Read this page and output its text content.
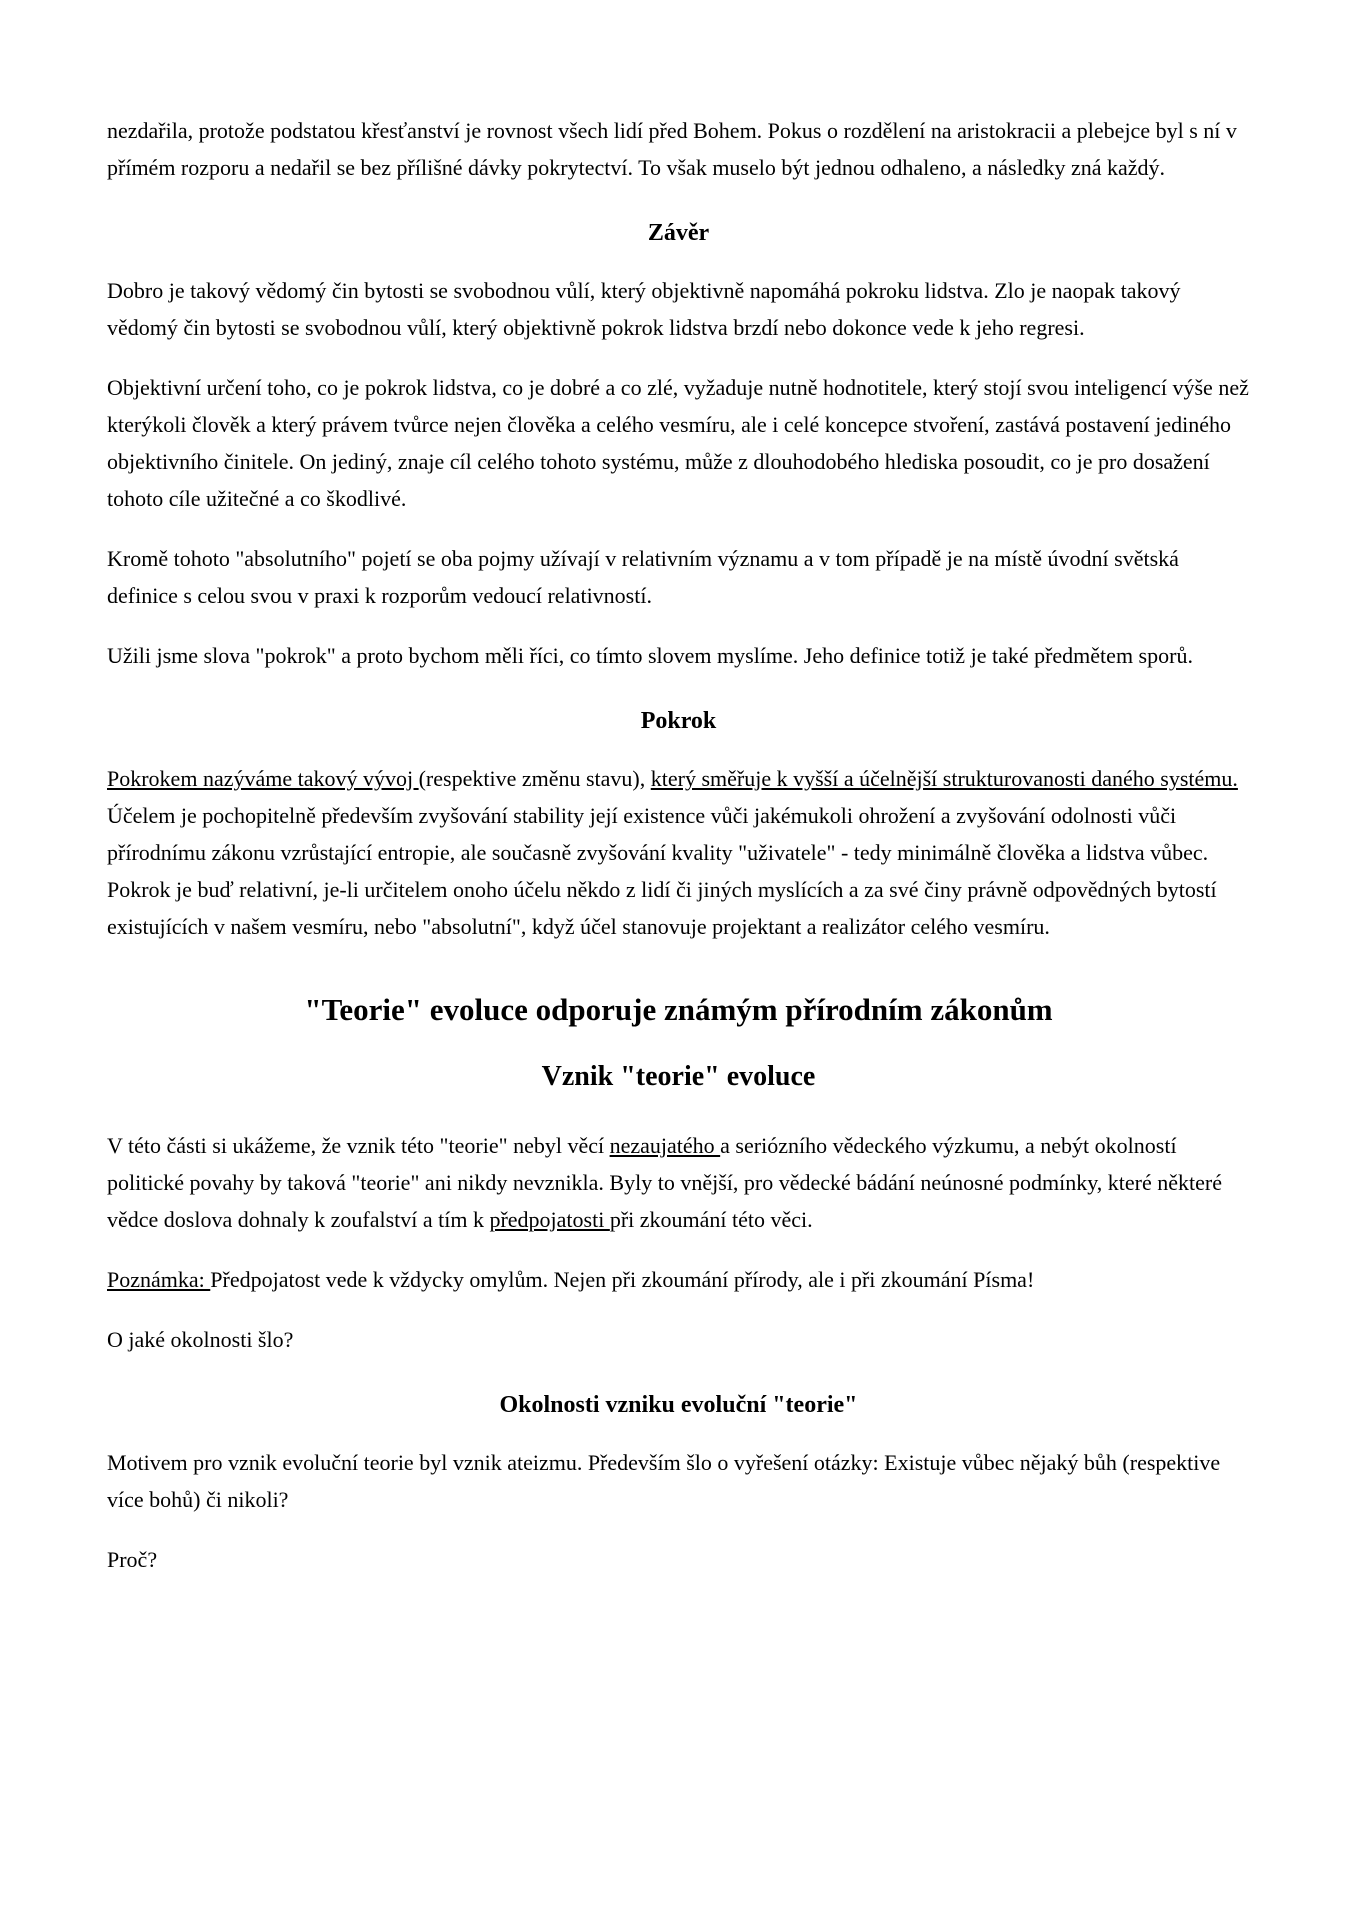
nezdařila, protože podstatou křesťanství je rovnost všech lidí před Bohem. Pokus o rozdělení na aristokracii a plebejce byl s ní v přímém rozporu a nedařil se bez přílišné dávky pokrytectví. To však muselo být jednou odhaleno, a následky zná každý.

Závěr

Dobro je takový vědomý čin bytosti se svobodnou vůlí, který objektivně napomáhá pokroku lidstva. Zlo je naopak takový vědomý čin bytosti se svobodnou vůlí, který objektivně pokrok lidstva brzdí nebo dokonce vede k jeho regresi.

Objektivní určení toho, co je pokrok lidstva, co je dobré a co zlé, vyžaduje nutně hodnotitele, který stojí svou inteligencí výše než kterýkoli člověk a který právem tvůrce nejen člověka a celého vesmíru, ale i celé koncepce stvoření, zastává postavení jediného objektivního činitele. On jediný, znaje cíl celého tohoto systému, může z dlouhodobého hlediska posoudit, co je pro dosažení tohoto cíle užitečné a co škodlivé.

Kromě tohoto "absolutního" pojetí se oba pojmy užívají v relativním významu a v tom případě je na místě úvodní světská definice s celou svou v praxi k rozporům vedoucí relativností.

Užili jsme slova "pokrok" a proto bychom měli říci, co tímto slovem myslíme. Jeho definice totiž je také předmětem sporů.

Pokrok

Pokrokem nazýváme takový vývoj (respektive změnu stavu), který směřuje k vyšší a účelnější strukturovanosti daného systému. Účelem je pochopitelně především zvyšování stability její existence vůči jakémukoli ohrožení a zvyšování odolnosti vůči přírodnímu zákonu vzrůstající entropie, ale současně zvyšování kvality "uživatele" - tedy minimálně člověka a lidstva vůbec. Pokrok je buď relativní, je-li určitelem onoho účelu někdo z lidí či jiných myslících a za své činy právně odpovědných bytostí existujících v našem vesmíru, nebo "absolutní", když účel stanovuje projektant a realizátor celého vesmíru.

"Teorie" evoluce odporuje známým přírodním zákonům
Vznik "teorie" evoluce

V této části si ukážeme, že vznik této "teorie" nebyl věcí nezaujatého a seriózního vědeckého výzkumu, a nebýt okolností politické povahy by taková "teorie" ani nikdy nevznikla. Byly to vnější, pro vědecké bádání neúnosné podmínky, které některé vědce doslova dohnaly k zoufalství a tím k předpojatosti při zkoumání této věci.

Poznámka: Předpojatost vede k vždycky omylům. Nejen při zkoumání přírody, ale i při zkoumání Písma!

O jaké okolnosti šlo?

Okolnosti vzniku evoluční "teorie"

Motivem pro vznik evoluční teorie byl vznik ateizmu. Především šlo o vyřešení otázky: Existuje vůbec nějaký bůh (respektive více bohů) či nikoli?

Proč?
